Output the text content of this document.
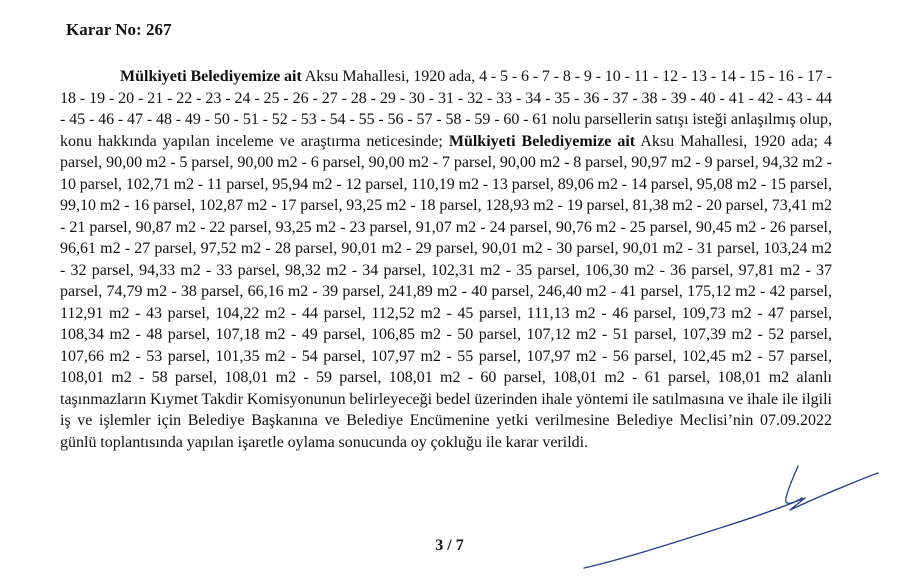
Karar No: 267

Mülkiyeti Belediyemize ait Aksu Mahallesi, 1920 ada, 4 - 5 - 6 - 7 - 8 - 9 - 10 - 11 - 12 - 13 - 14 - 15 - 16 - 17 - 18 - 19 - 20 - 21 - 22 - 23 - 24 - 25 - 26 - 27 - 28 - 29 - 30 - 31 - 32 - 33 - 34 - 35 - 36 - 37 - 38 - 39 - 40 - 41 - 42 - 43 - 44 - 45 - 46 - 47 - 48 - 49 - 50 - 51 - 52 - 53 - 54 - 55 - 56 - 57 - 58 - 59 - 60 - 61 nolu parsellerin satışı isteği anlaşılmış olup, konu hakkında yapılan inceleme ve araştırma neticesinde; Mülkiyeti Belediyemize ait Aksu Mahallesi, 1920 ada; 4 parsel, 90,00 m2 - 5 parsel, 90,00 m2 - 6 parsel, 90,00 m2 - 7 parsel, 90,00 m2 - 8 parsel, 90,97 m2 - 9 parsel, 94,32 m2 - 10 parsel, 102,71 m2 - 11 parsel, 95,94 m2 - 12 parsel, 110,19 m2 - 13 parsel, 89,06 m2 - 14 parsel, 95,08 m2 - 15 parsel, 99,10 m2 - 16 parsel, 102,87 m2 - 17 parsel, 93,25 m2 - 18 parsel, 128,93 m2 - 19 parsel, 81,38 m2 - 20 parsel, 73,41 m2 - 21 parsel, 90,87 m2 - 22 parsel, 93,25 m2 - 23 parsel, 91,07 m2 - 24 parsel, 90,76 m2 - 25 parsel, 90,45 m2 - 26 parsel, 96,61 m2 - 27 parsel, 97,52 m2 - 28 parsel, 90,01 m2 - 29 parsel, 90,01 m2 - 30 parsel, 90,01 m2 - 31 parsel, 103,24 m2 - 32 parsel, 94,33 m2 - 33 parsel, 98,32 m2 - 34 parsel, 102,31 m2 - 35 parsel, 106,30 m2 - 36 parsel, 97,81 m2 - 37 parsel, 74,79 m2 - 38 parsel, 66,16 m2 - 39 parsel, 241,89 m2 - 40 parsel, 246,40 m2 - 41 parsel, 175,12 m2 - 42 parsel, 112,91 m2 - 43 parsel, 104,22 m2 - 44 parsel, 112,52 m2 - 45 parsel, 111,13 m2 - 46 parsel, 109,73 m2 - 47 parsel, 108,34 m2 - 48 parsel, 107,18 m2 - 49 parsel, 106,85 m2 - 50 parsel, 107,12 m2 - 51 parsel, 107,39 m2 - 52 parsel, 107,66 m2 - 53 parsel, 101,35 m2 - 54 parsel, 107,97 m2 - 55 parsel, 107,97 m2 - 56 parsel, 102,45 m2 - 57 parsel, 108,01 m2 - 58 parsel, 108,01 m2 - 59 parsel, 108,01 m2 - 60 parsel, 108,01 m2 - 61 parsel, 108,01 m2 alanlı taşınmazların Kıymet Takdir Komisyonunun belirleyeceği bedel üzerinden ihale yöntemi ile satılmasına ve ihale ile ilgili iş ve işlemler için Belediye Başkanına ve Belediye Encümenine yetki verilmesine Belediye Meclisi’nin 07.09.2022 günlü toplantısında yapılan işaretle oylama sonucunda oy çokluğu ile karar verildi.

3 / 7
